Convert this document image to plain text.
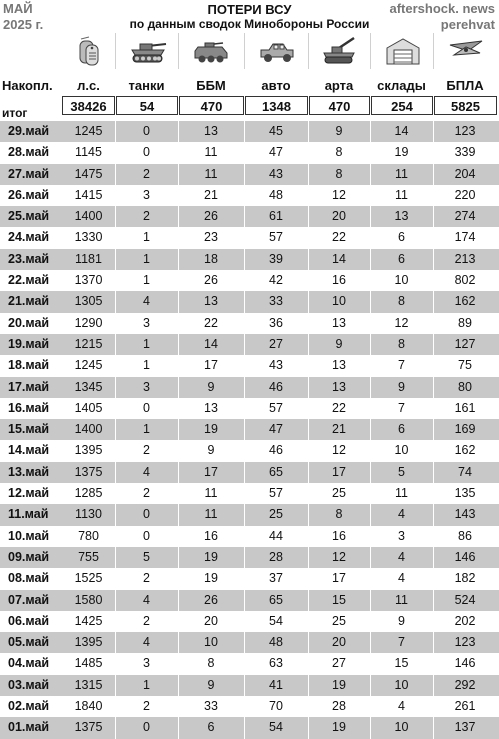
МАЙ
2025 г.
aftershock. news
perehvat
ПОТЕРИ ВСУ
по данным сводок Минобороны России
Накопл.
итог
л.с.	танки	ББМ	авто	арта	склады	БПЛА
38426	54	470	1348	470	254	5825
29.май	1245	0	13	45	9	14	123
28.май	1145	0	11	47	8	19	339
27.май	1475	2	11	43	8	11	204
26.май	1415	3	21	48	12	11	220
25.май	1400	2	26	61	20	13	274
24.май	1330	1	23	57	22	6	174
23.май	1181	1	18	39	14	6	213
22.май	1370	1	26	42	16	10	802
21.май	1305	4	13	33	10	8	162
20.май	1290	3	22	36	13	12	89
19.май	1215	1	14	27	9	8	127
18.май	1245	1	17	43	13	7	75
17.май	1345	3	9	46	13	9	80
16.май	1405	0	13	57	22	7	161
15.май	1400	1	19	47	21	6	169
14.май	1395	2	9	46	12	10	162
13.май	1375	4	17	65	17	5	74
12.май	1285	2	11	57	25	11	135
11.май	1130	0	11	25	8	4	143
10.май	780	0	16	44	16	3	86
09.май	755	5	19	28	12	4	146
08.май	1525	2	19	37	17	4	182
07.май	1580	4	26	65	15	11	524
06.май	1425	2	20	54	25	9	202
05.май	1395	4	10	48	20	7	123
04.май	1485	3	8	63	27	15	146
03.май	1315	1	9	41	19	10	292
02.май	1840	2	33	70	28	4	261
01.май	1375	0	6	54	19	10	137
